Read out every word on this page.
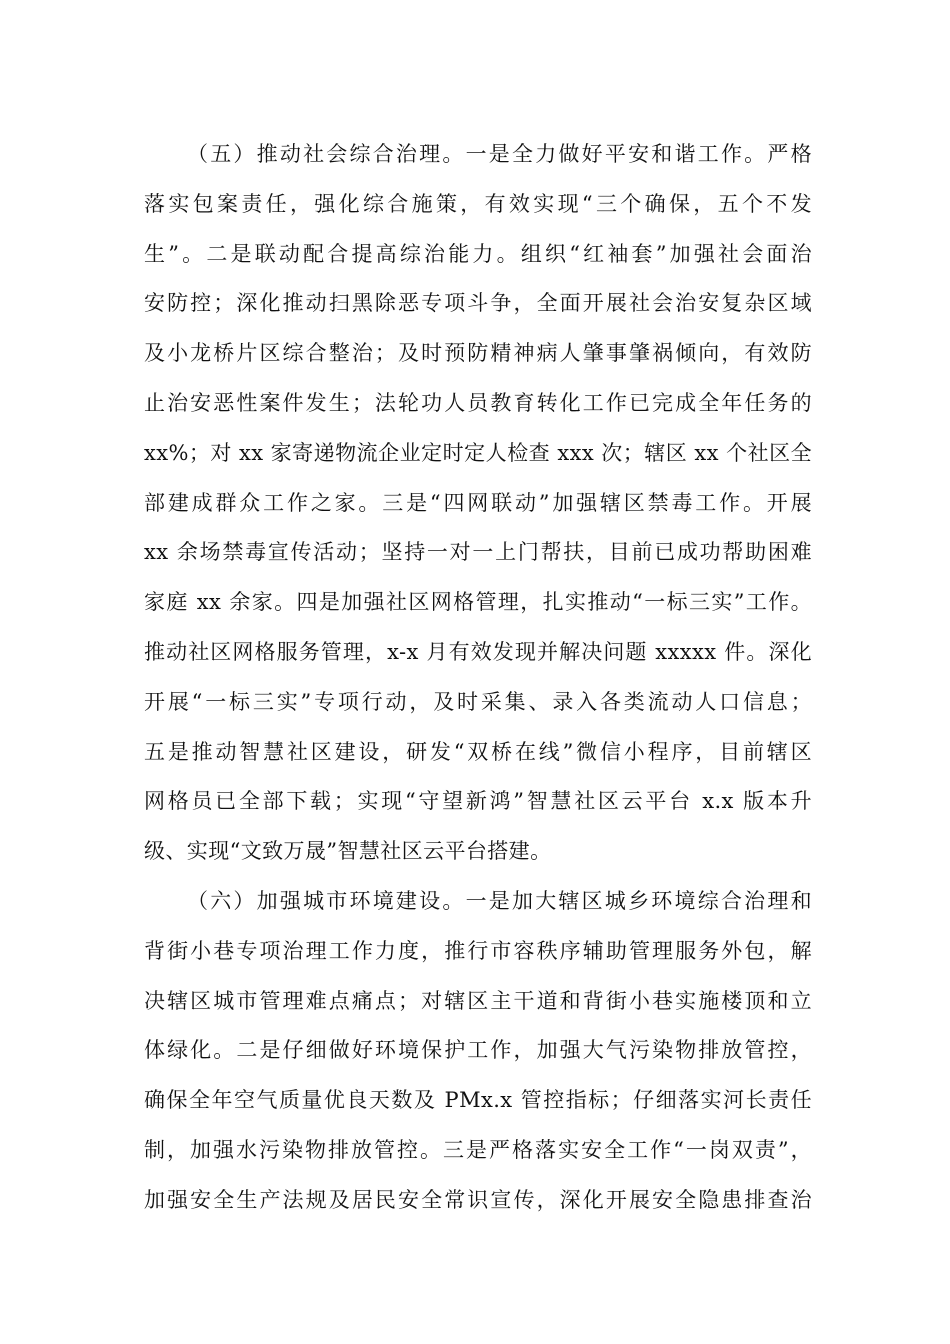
（五）推动社会综合治理。一是全力做好平安和谐工作。严格
落实包案责任，强化综合施策，有效实现“三个确保，五个不发
生”。二是联动配合提高综治能力。组织“红袖套”加强社会面治
安防控；深化推动扫黑除恶专项斗争，全面开展社会治安复杂区域
及小龙桥片区综合整治；及时预防精神病人肇事肇祸倾向，有效防
止治安恶性案件发生；法轮功人员教育转化工作已完成全年任务的
xx%；对 xx 家寄递物流企业定时定人检查 xxx 次；辖区 xx 个社区全
部建成群众工作之家。三是“四网联动”加强辖区禁毒工作。开展
xx 余场禁毒宣传活动；坚持一对一上门帮扶，目前已成功帮助困难
家庭 xx 余家。四是加强社区网格管理，扎实推动“一标三实”工作。
推动社区网格服务管理，x-x 月有效发现并解决问题 xxxxx 件。深化
开展“一标三实”专项行动，及时采集、录入各类流动人口信息；
五是推动智慧社区建设，研发“双桥在线”微信小程序，目前辖区
网格员已全部下载；实现“守望新鸿”智慧社区云平台 x.x 版本升
级、实现“文致万晟”智慧社区云平台搭建。
（六）加强城市环境建设。一是加大辖区城乡环境综合治理和
背街小巷专项治理工作力度，推行市容秩序辅助管理服务外包，解
决辖区城市管理难点痛点；对辖区主干道和背街小巷实施楼顶和立
体绿化。二是仔细做好环境保护工作，加强大气污染物排放管控，
确保全年空气质量优良天数及 PMx.x 管控指标；仔细落实河长责任
制，加强水污染物排放管控。三是严格落实安全工作“一岗双责”，
加强安全生产法规及居民安全常识宣传，深化开展安全隐患排查治
